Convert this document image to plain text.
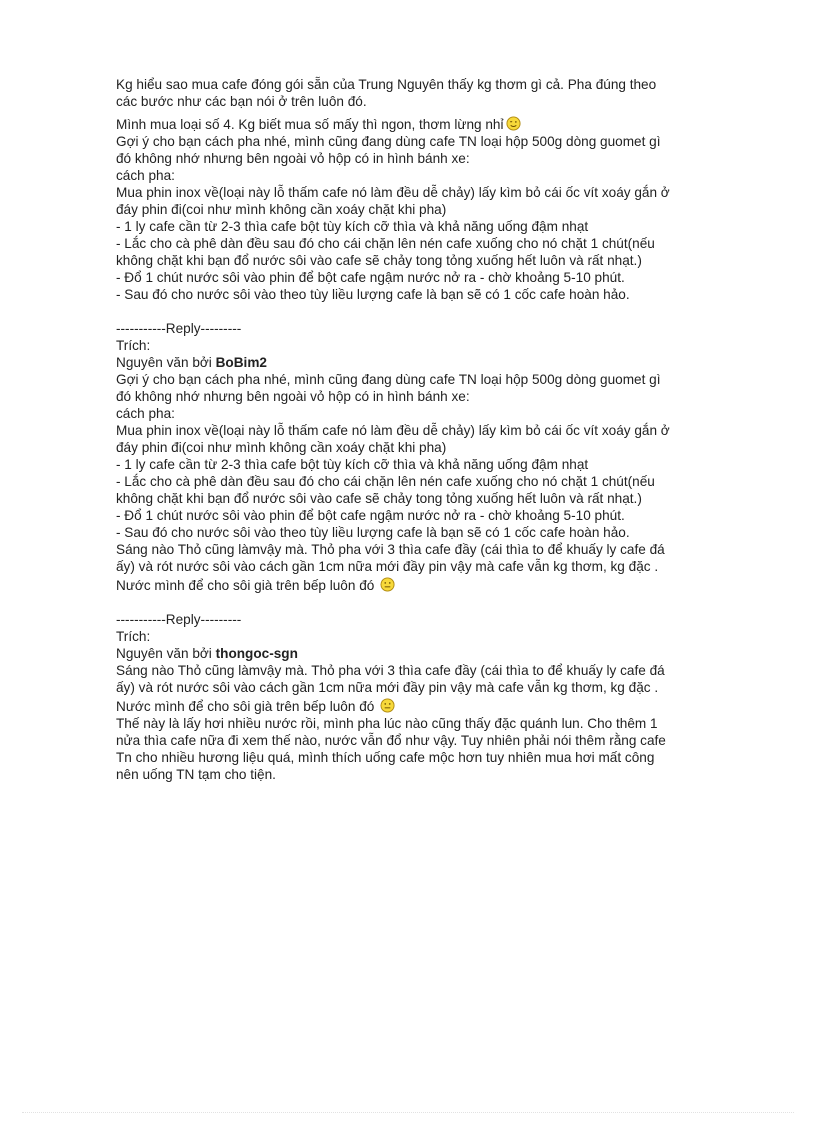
Kg hiểu sao mua cafe đóng gói sẵn của Trung Nguyên thấy kg thơm gì cả. Pha đúng theo
các bước như các bạn nói ở trên luôn đó.
Mình mua loại số 4. Kg biết mua số mấy thì ngon, thơm lừng nhỉ
Gợi ý cho bạn cách pha nhé, mình cũng đang dùng cafe TN loại hộp 500g dòng guomet gì
đó không nhớ nhưng bên ngoài vỏ hộp có in hình bánh xe:
cách pha:
Mua phin inox về(loại này lỗ thấm cafe nó làm đều dễ chảy) lấy kìm bỏ cái ốc vít xoáy gắn ở
đáy phin đi(coi như mình không cần xoáy chặt khi pha)
- 1 ly cafe cần từ 2-3 thìa cafe bột tùy kích cỡ thìa và khả năng uống đậm nhạt
- Lắc cho cà phê dàn đều sau đó cho cái chặn lên nén cafe xuống cho nó chặt 1 chút(nếu
không chặt khi bạn đổ nước sôi vào cafe sẽ chảy tong tỏng xuống hết luôn và rất nhạt.)
- Đổ 1 chút nước sôi vào phin để bột cafe ngậm nước nở ra - chờ khoảng 5-10 phút.
- Sau đó cho nước sôi vào theo tùy liều lượng cafe là bạn sẽ có 1 cốc cafe hoàn hảo.
-----------Reply---------
Trích:
Nguyên văn bởi BoBim2
Gợi ý cho bạn cách pha nhé, mình cũng đang dùng cafe TN loại hộp 500g dòng guomet gì
đó không nhớ nhưng bên ngoài vỏ hộp có in hình bánh xe:
cách pha:
Mua phin inox về(loại này lỗ thấm cafe nó làm đều dễ chảy) lấy kìm bỏ cái ốc vít xoáy gắn ở
đáy phin đi(coi như mình không cần xoáy chặt khi pha)
- 1 ly cafe cần từ 2-3 thìa cafe bột tùy kích cỡ thìa và khả năng uống đậm nhạt
- Lắc cho cà phê dàn đều sau đó cho cái chặn lên nén cafe xuống cho nó chặt 1 chút(nếu
không chặt khi bạn đổ nước sôi vào cafe sẽ chảy tong tỏng xuống hết luôn và rất nhạt.)
- Đổ 1 chút nước sôi vào phin để bột cafe ngậm nước nở ra - chờ khoảng 5-10 phút.
- Sau đó cho nước sôi vào theo tùy liều lượng cafe là bạn sẽ có 1 cốc cafe hoàn hảo.
Sáng nào Thỏ cũng làmvậy mà. Thỏ pha với 3 thìa cafe đầy (cái thìa to để khuấy ly cafe đá
ấy) và rót nước sôi vào cách gần 1cm nữa mới đầy pin vậy mà cafe vẫn kg thơm, kg đặc .
Nước mình để cho sôi già trên bếp luôn đó
-----------Reply---------
Trích:
Nguyên văn bởi thongoc-sgn
Sáng nào Thỏ cũng làmvậy mà. Thỏ pha với 3 thìa cafe đầy (cái thìa to để khuấy ly cafe đá
ấy) và rót nước sôi vào cách gần 1cm nữa mới đầy pin vậy mà cafe vẫn kg thơm, kg đặc .
Nước mình để cho sôi già trên bếp luôn đó
Thế này là lấy hơi nhiều nước rồi, mình pha lúc nào cũng thấy đặc quánh lun. Cho thêm 1
nửa thìa cafe nữa đi xem thế nào, nước vẫn đổ như vậy. Tuy nhiên phải nói thêm rằng cafe
Tn cho nhiều hương liệu quá, mình thích uống cafe mộc hơn tuy nhiên mua hơi mất công
nên uống TN tạm cho tiện.
